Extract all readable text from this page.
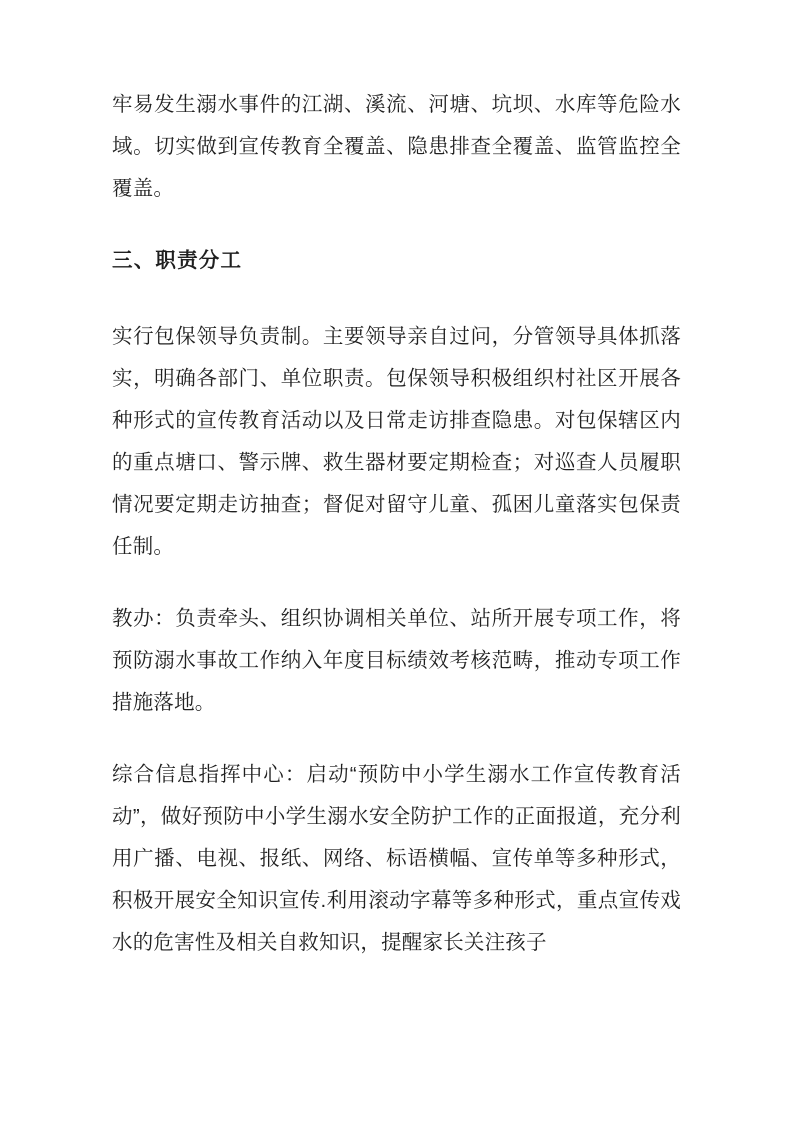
牢易发生溺水事件的江湖、溪流、河塘、坑坝、水库等危险水域。切实做到宣传教育全覆盖、隐患排查全覆盖、监管监控全覆盖。

三、职责分工

实行包保领导负责制。主要领导亲自过问，分管领导具体抓落实，明确各部门、单位职责。包保领导积极组织村社区开展各种形式的宣传教育活动以及日常走访排查隐患。对包保辖区内的重点塘口、警示牌、救生器材要定期检查；对巡查人员履职情况要定期走访抽查；督促对留守儿童、孤困儿童落实包保责任制。

教办：负责牵头、组织协调相关单位、站所开展专项工作，将预防溺水事故工作纳入年度目标绩效考核范畴，推动专项工作措施落地。

综合信息指挥中心：启动“预防中小学生溺水工作宣传教育活动”，做好预防中小学生溺水安全防护工作的正面报道，充分利用广播、电视、报纸、网络、标语横幅、宣传单等多种形式，积极开展安全知识宣传.利用滚动字幕等多种形式，重点宣传戏水的危害性及相关自救知识，提醒家长关注孩子
